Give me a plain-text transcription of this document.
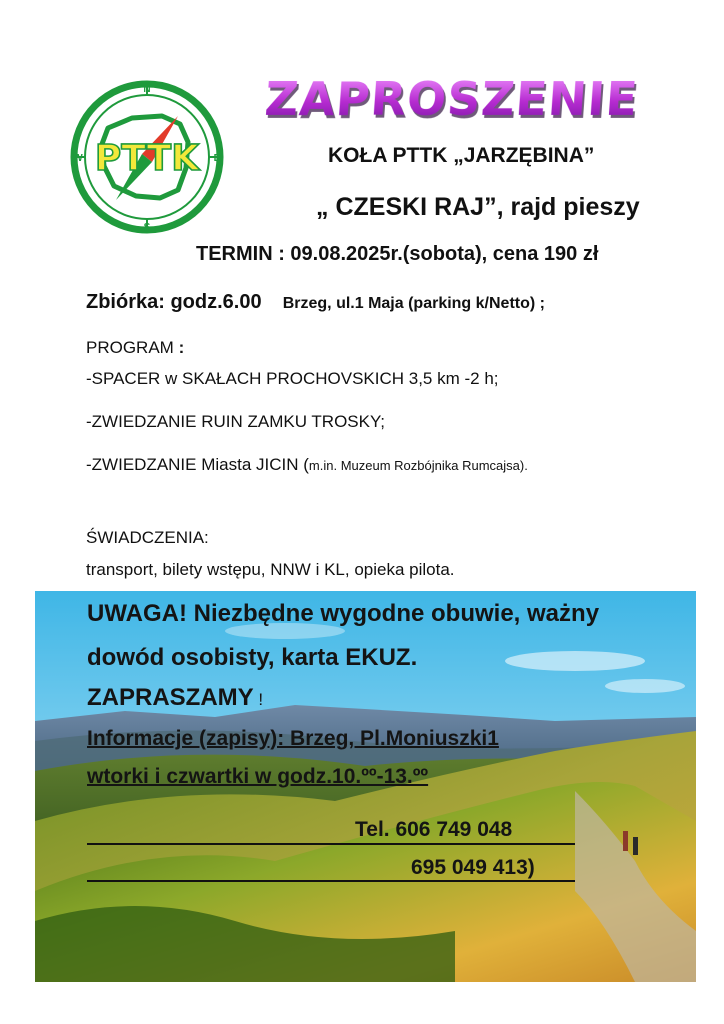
N
S
E
W PTTK
ZAPROSZENIE
KOŁA PTTK „JARZĘBINA”
„ CZESKI RAJ”, rajd pieszy
TERMIN : 09.08.2025r.(sobota), cena 190 zł
Zbiórka: godz.6.00 Brzeg, ul.1 Maja (parking k/Netto) ;
PROGRAM :
-SPACER w SKAŁACH PROCHOVSKICH 3,5 km -2 h;
-ZWIEDZANIE RUIN ZAMKU TROSKY;
-ZWIEDZANIE Miasta JICIN (m.in. Muzeum Rozbójnika Rumcajsa).
ŚWIADCZENIA:
transport, bilety wstępu, NNW i KL, opieka pilota.
UWAGA! Niezbędne wygodne obuwie, ważny
dowód osobisty, karta EKUZ.
ZAPRASZAMY !
Informacje (zapisy): Brzeg, Pl.Moniuszki1
wtorki i czwartki w godz.10.ºº-13.ºº
Tel. 606 749 048
695 049 413)
